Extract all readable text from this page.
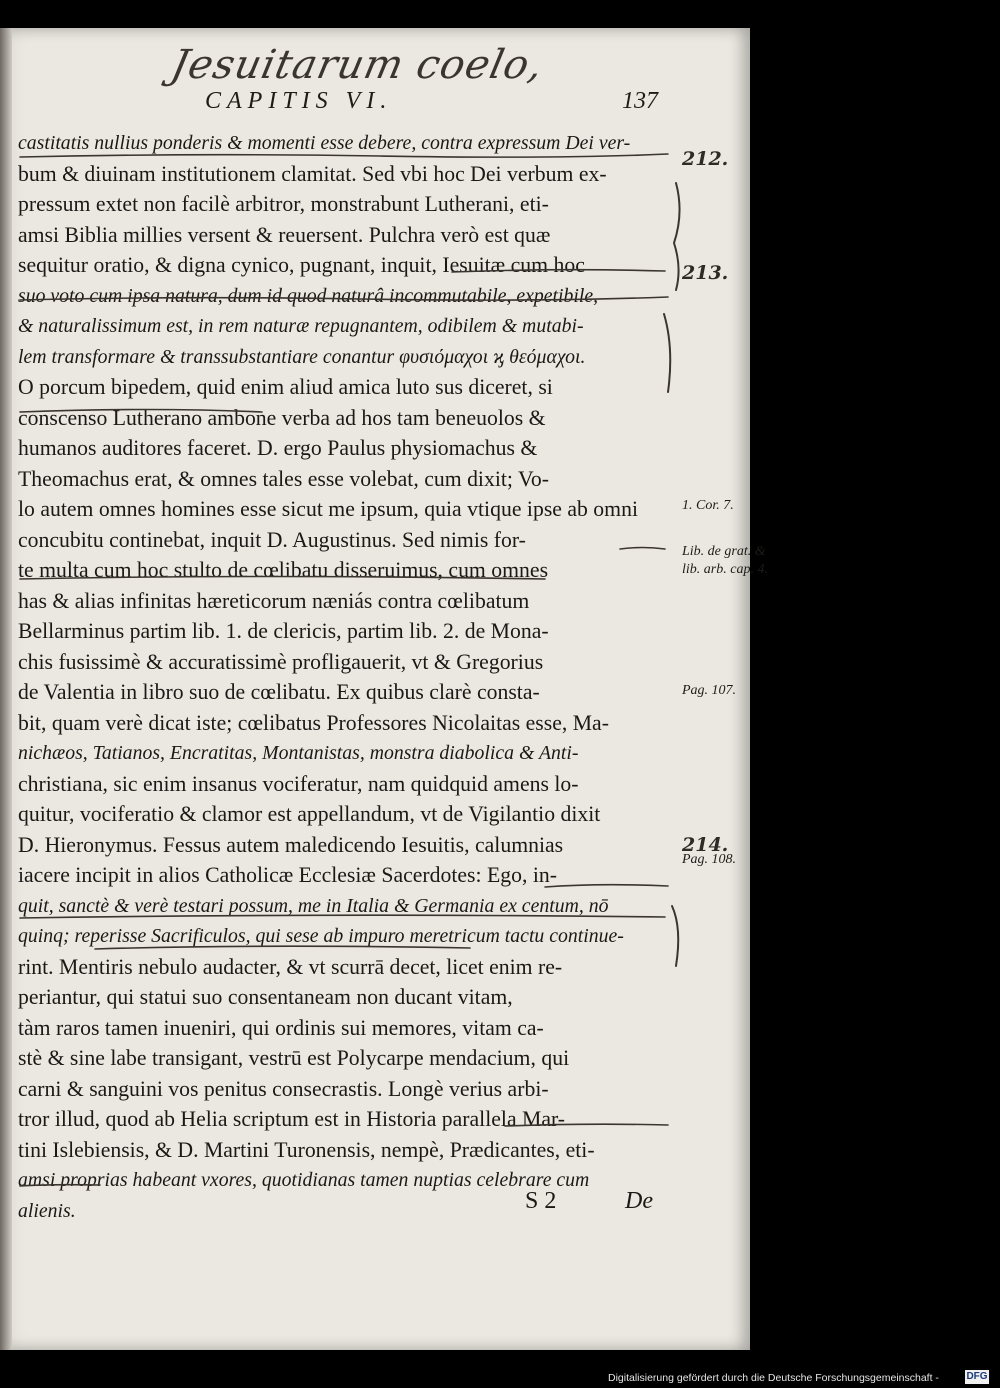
Jesuitarum coelo,
CAPITIS VI.	137
castitatis nullius ponderis & momenti esse debere, contra expressum Dei ver-
bum & diuinam institutionem clamitat. Sed vbi hoc Dei verbum ex-
pressum extet non facilè arbitror, monstrabunt Lutherani, eti-
amsi Biblia millies versent & reuersent. Pulchra verò est quæ
sequitur oratio, & digna cynico, pugnant, inquit, Iesuitæ cum hoc
suo voto cum ipsa natura, dum id quod naturâ incommutabile, expetibile,
& naturalissimum est, in rem naturæ repugnantem, odibilem & mutabi-
lem transformare & transsubstantiare conantur φυσιόμαχοι ϗ θεόμαχοι.
O porcum bipedem, quid enim aliud amica luto sus diceret, si
conscenso Lutherano ambone verba ad hos tam beneuolos &
humanos auditores faceret. D. ergo Paulus physiomachus &
Theomachus erat, & omnes tales esse volebat, cum dixit; Vo-
lo autem omnes homines esse sicut me ipsum, quia vtique ipse ab omni
concubitu continebat, inquit D. Augustinus. Sed nimis for-
te multa cum hoc stulto de cœlibatu disseruimus, cum omnes
has & alias infinitas hæreticorum næniás contra cœlibatum
Bellarminus partim lib. 1. de clericis, partim lib. 2. de Mona-
chis fusissimè & accuratissimè profligauerit, vt & Gregorius
de Valentia in libro suo de cœlibatu. Ex quibus clarè consta-
bit, quam verè dicat iste; cœlibatus Professores Nicolaitas esse, Ma-
nichæos, Tatianos, Encratitas, Montanistas, monstra diabolica & Anti-
christiana, sic enim insanus vociferatur, nam quidquid amens lo-
quitur, vociferatio & clamor est appellandum, vt de Vigilantio dixit
D. Hieronymus. Fessus autem maledicendo Iesuitis, calumnias
iacere incipit in alios Catholicæ Ecclesiæ Sacerdotes: Ego, in-
quit, sanctè & verè testari possum, me in Italia & Germania ex centum, nō
quinq; reperisse Sacrificulos, qui sese ab impuro meretricum tactu continue-
rint. Mentiris nebulo audacter, & vt scurrā decet, licet enim re-
periantur, qui statui suo consentaneam non ducant vitam,
tàm raros tamen inueniri, qui ordinis sui memores, vitam ca-
stè & sine labe transigant, vestrū est Polycarpe mendacium, qui
carni & sanguini vos penitus consecrastis. Longè verius arbi-
tror illud, quod ab Helia scriptum est in Historia parallela Mar-
tini Islebiensis, & D. Martini Turonensis, nempè, Prædicantes, eti-
amsi proprias habeant vxores, quotidianas tamen nuptias celebrare cum
alienis.
212.
213.
1. Cor. 7.
Lib. de grat. &
lib. arb. cap. 4.
Pag. 107.
214.
Pag. 108.
S 2	De
Digitalisierung gefördert durch die Deutsche Forschungsgemeinschaft -	DFG
